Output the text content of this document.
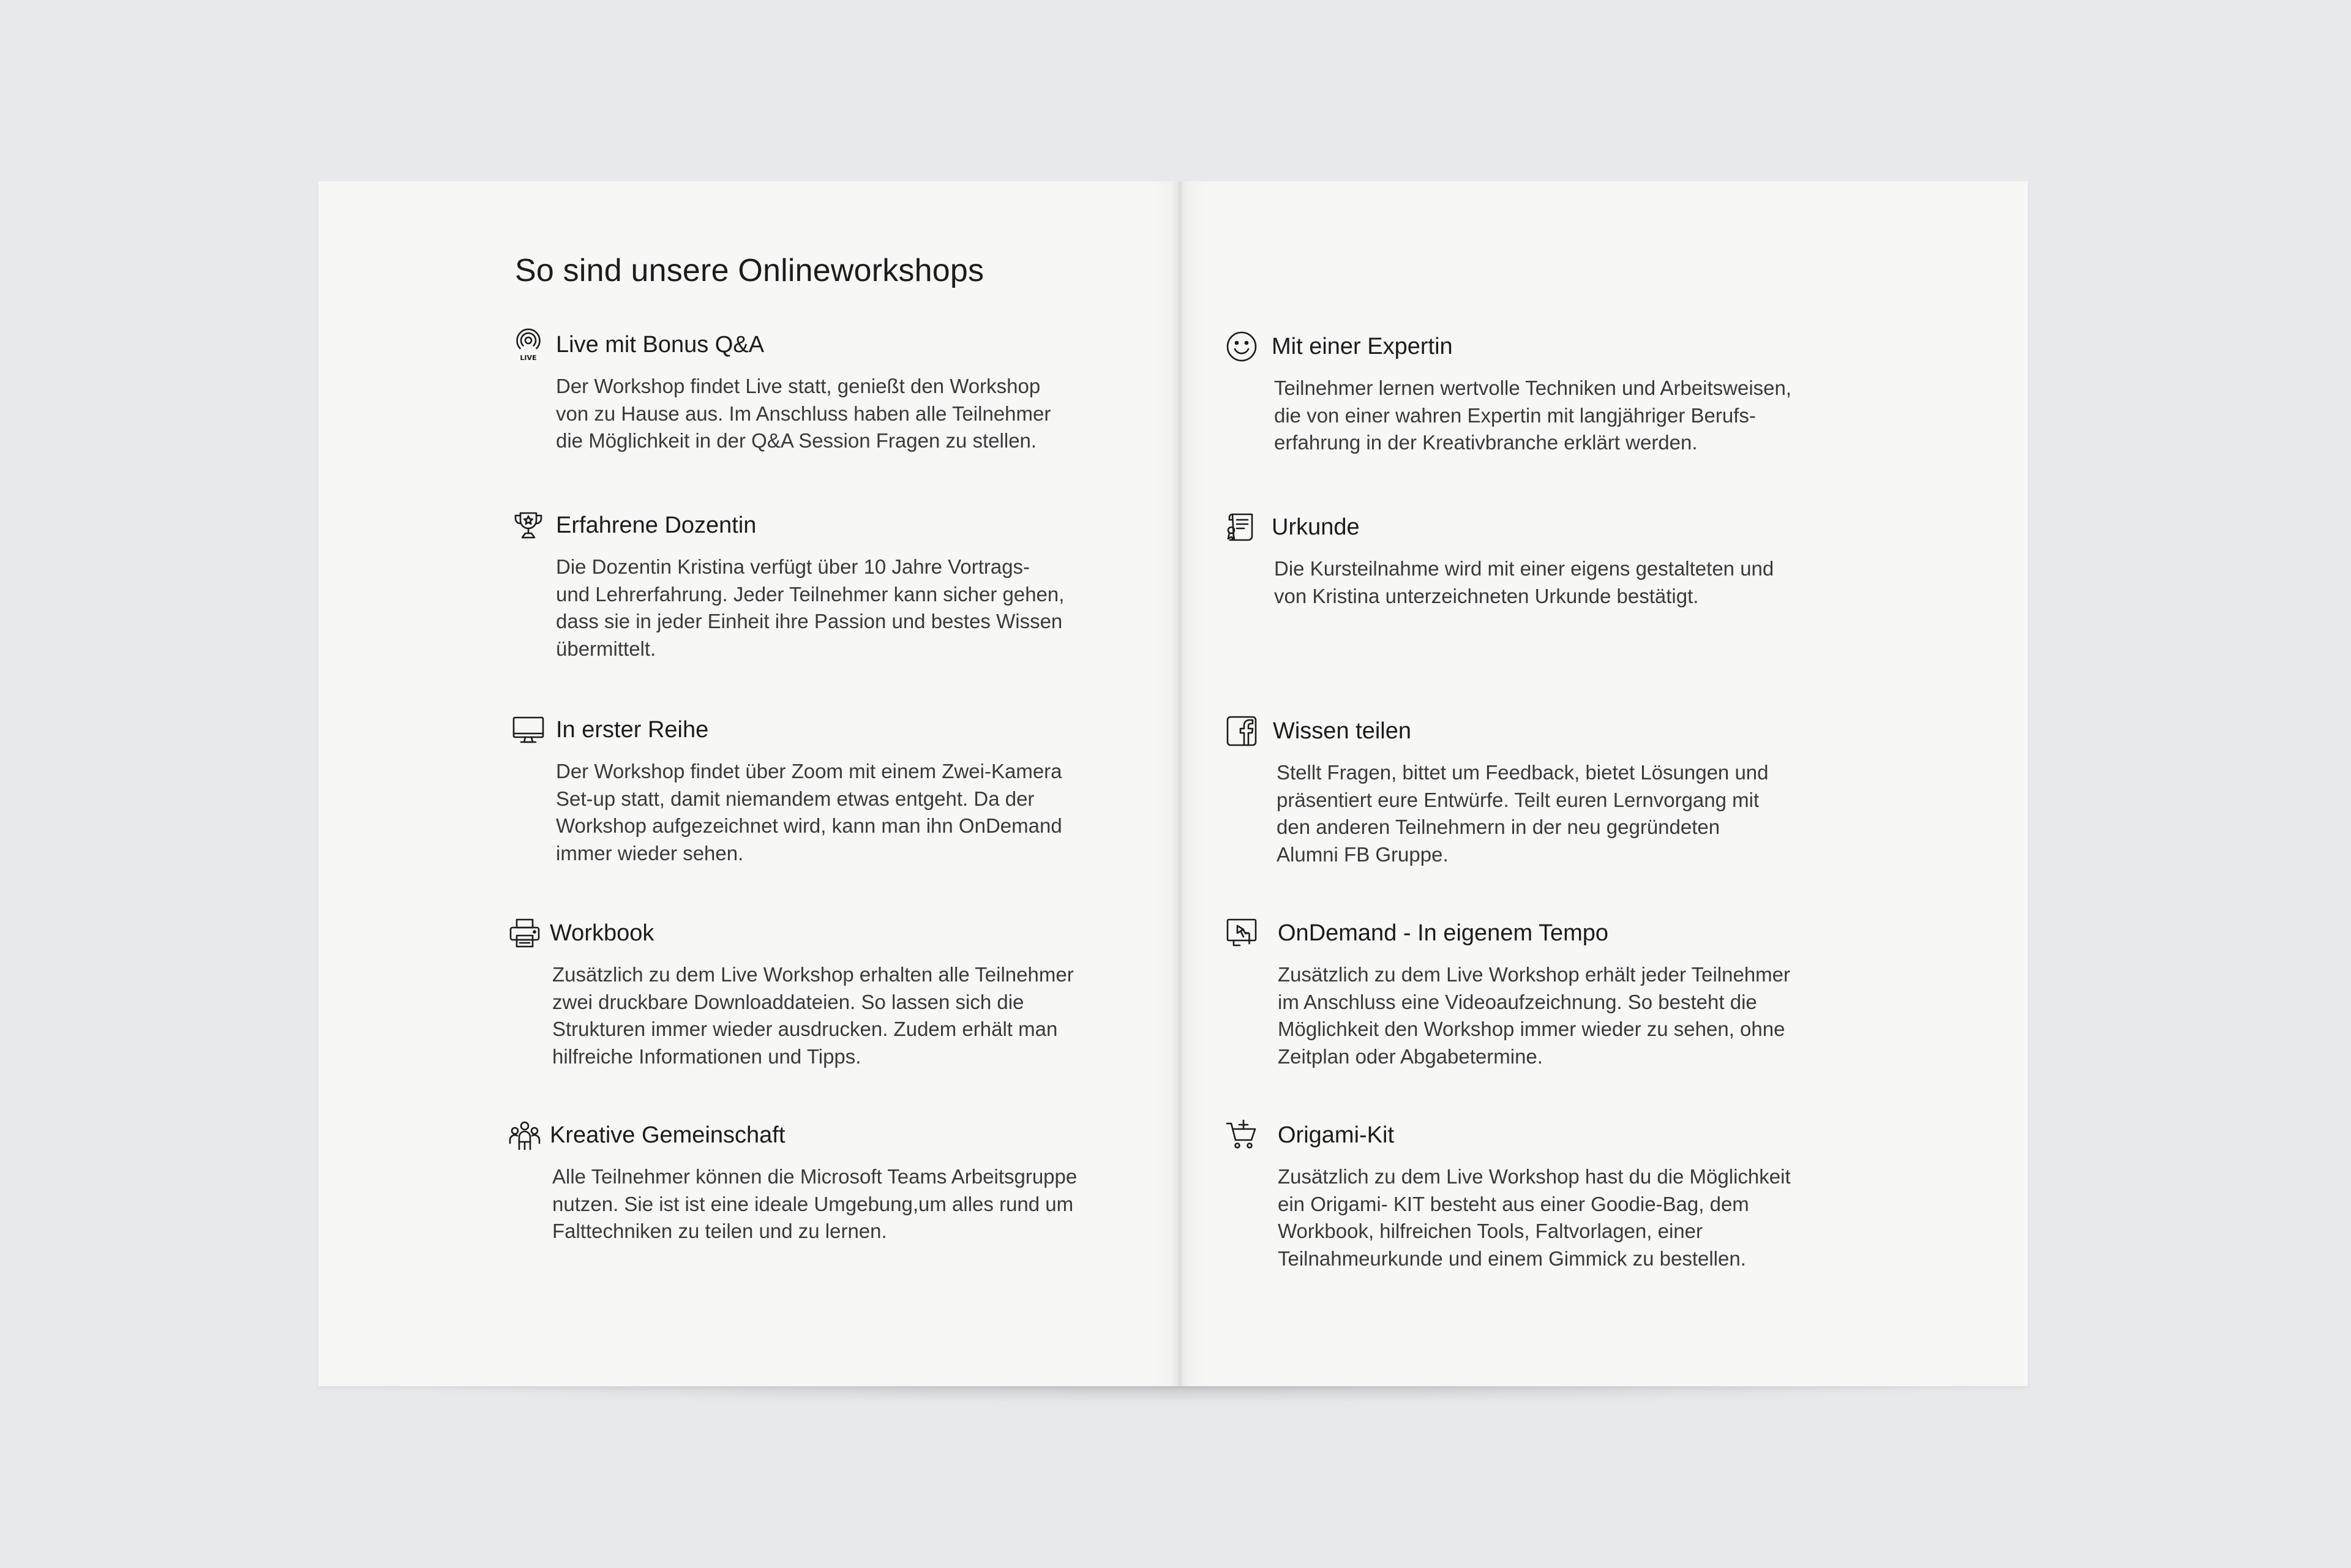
So sind unsere Onlineworkshops
LIVE
Live mit Bonus Q&A
Der Workshop findet Live statt, genießt den Workshop
von zu Hause aus. Im Anschluss haben alle Teilnehmer
die Möglichkeit in der Q&A Session Fragen zu stellen.
Erfahrene Dozentin
Die Dozentin Kristina verfügt über 10 Jahre Vortrags-
und Lehrerfahrung. Jeder Teilnehmer kann sicher gehen,
dass sie in jeder Einheit ihre Passion und bestes Wissen
übermittelt.
In erster Reihe
Der Workshop findet über Zoom mit einem Zwei-Kamera
Set-up statt, damit niemandem etwas entgeht. Da der
Workshop aufgezeichnet wird, kann man ihn OnDemand
immer wieder sehen.
Workbook
Zusätzlich zu dem Live Workshop erhalten alle Teilnehmer
zwei druckbare Downloaddateien. So lassen sich die
Strukturen immer wieder ausdrucken. Zudem erhält man
hilfreiche Informationen und Tipps.
Kreative Gemeinschaft
Alle Teilnehmer können die Microsoft Teams Arbeitsgruppe
nutzen. Sie ist ist eine ideale Umgebung,um alles rund um
Falttechniken zu teilen und zu lernen.
Mit einer Expertin
Teilnehmer lernen wertvolle Techniken und Arbeitsweisen,
die von einer wahren Expertin mit langjähriger Berufs-
erfahrung in der Kreativbranche erklärt werden.
Urkunde
Die Kursteilnahme wird mit einer eigens gestalteten und
von Kristina unterzeichneten Urkunde bestätigt.
Wissen teilen
Stellt Fragen, bittet um Feedback, bietet Lösungen und
präsentiert eure Entwürfe. Teilt euren Lernvorgang mit
den anderen Teilnehmern in der neu gegründeten
Alumni FB Gruppe.
OnDemand - In eigenem Tempo
Zusätzlich zu dem Live Workshop erhält jeder Teilnehmer
im Anschluss eine Videoaufzeichnung. So besteht die
Möglichkeit den Workshop immer wieder zu sehen, ohne
Zeitplan oder Abgabetermine.
Origami-Kit
Zusätzlich zu dem Live Workshop hast du die Möglichkeit
ein Origami- KIT besteht aus einer Goodie-Bag, dem
Workbook, hilfreichen Tools, Faltvorlagen, einer
Teilnahmeurkunde und einem Gimmick zu bestellen.
